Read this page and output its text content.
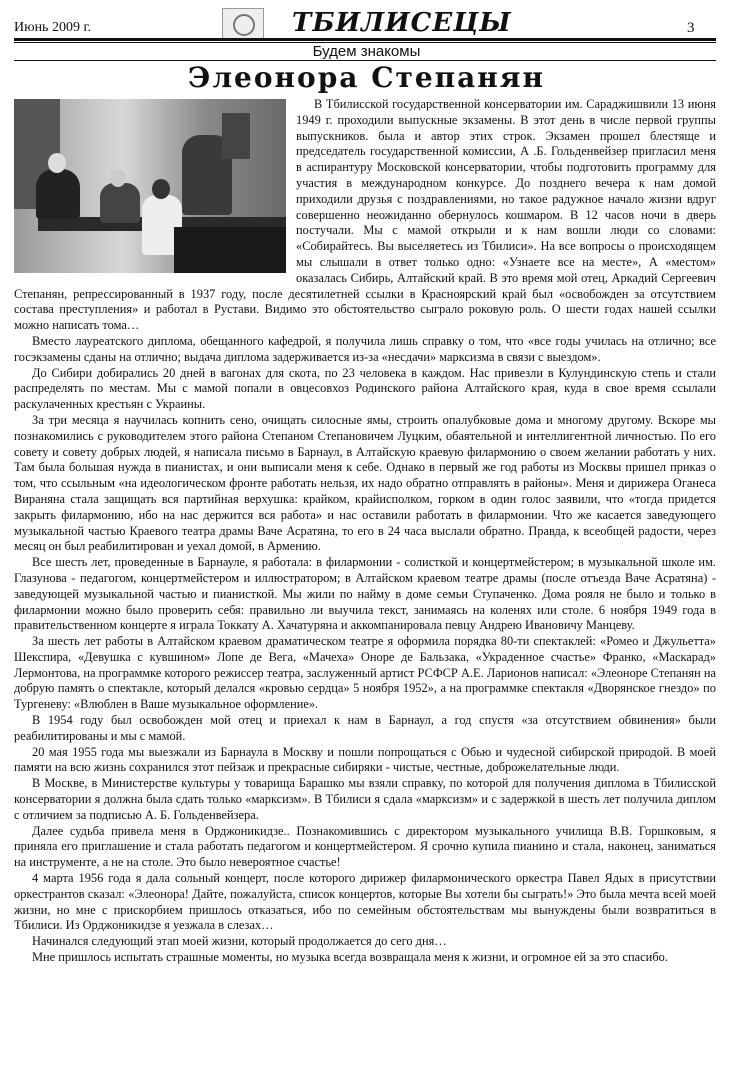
Июнь 2009 г.	ТБИЛИСЕЦЫ	3
Будем знакомы
Элеонора Степанян

В Тбилисской государственной консерватории им. Сараджишвили 13 июня 1949 г. проходили выпускные экзамены. В этот день в числе первой группы выпускников. была и автор этих строк. Экзамен прошел блестяще и председатель государственной комиссии, А .Б. Гольденвейзер пригласил меня в аспирантуру Московской консерватории, чтобы подготовить программу для участия в международном конкурсе. До позднего вечера к нам домой приходили друзья с поздравлениями, но такое радужное начало жизни вдруг совершенно неожиданно обернулось кошмаром. В 12 часов ночи в дверь постучали. Мы с мамой открыли и к нам вошли люди со словами: «Собирайтесь. Вы выселяетесь из Тбилиси». На все вопросы о происходящем мы слышали в ответ только одно: «Узнаете все на месте», А «местом» оказалась Сибирь, Алтайский край. В это время мой отец, Аркадий Сергеевич Степанян, репрессированный в 1937 году, после десятилетней ссылки в Красноярский край был «освобожден за отсутствием состава преступления» и работал в Рустави. Видимо это обстоятельство сыграло роковую роль. О шести годах нашей ссылки можно написать тома…

Вместо лауреатского диплома, обещанного кафедрой, я получила лишь справку о том, что «все годы училась на отлично; все госэкзамены сданы на отлично; выдача диплома задерживается из-за «несдачи» марксизма в связи с выездом».

До Сибири добирались 20 дней в вагонах для скота, по 23 человека в каждом. Нас привезли в Кулундинскую степь и стали распределять по местам. Мы с мамой попали в овцесовхоз Родинского района Алтайского края, куда в свое время ссылали раскулаченных крестьян с Украины.

За три месяца я научилась копнить сено, очищать силосные ямы, строить опалубковые дома и многому другому. Вскоре мы познакомились с руководителем этого района Степаном Степановичем Луцким, обаятельной и интеллигентной личностью. По его совету и совету добрых людей, я написала письмо в Барнаул, в Алтайскую краевую филармонию о своем желании работать у них. Там была большая нужда в пианистах, и они выписали меня к себе. Однако в первый же год работы из Москвы пришел приказ о том, что ссыльным «на идеологическом фронте работать нельзя, их надо обратно отправлять в районы». Меня и дирижера Оганеса Вираняна стала защищать вся партийная верхушка: крайком, крайисполком, горком в один голос заявили, что «тогда придется закрыть филармонию, ибо на нас держится вся работа» и нас оставили работать в филармонии. Что же касается заведующего музыкальной частью Краевого театра драмы Ваче Асратяна, то его в 24 часа выслали обратно. Правда, к всеобщей радости, через месяц он был реабилитирован и уехал домой, в Армению.

Все шесть лет, проведенные в Барнауле, я работала: в филармонии - солисткой и концертмейстером; в музыкальной школе им. Глазунова - педагогом, концертмейстером и иллюстратором; в Алтайском краевом театре драмы (после отъезда Ваче Асратяна) - заведующей музыкальной частью и пианисткой. Мы жили по найму в доме семьи Ступаченко. Дома рояля не было и только в филармонии можно было проверить себя: правильно ли выучила текст, занимаясь на коленях или столе. 6 ноября 1949 года в правительственном концерте я играла Токкату А. Хачатуряна и аккомпанировала певцу Андрею Ивановичу Манцеву.

За шесть лет работы в Алтайском краевом драматическом театре я оформила порядка 80-ти спектаклей: «Ромео и Джульетта» Шекспира, «Девушка с кувшином» Лопе де Вега, «Мачеха» Оноре де Бальзака, «Украденное счастье» Франко, «Маскарад» Лермонтова, на программке которого режиссер театра, заслуженный артист РСФСР А.Е. Ларионов написал: «Элеоноре Степанян на добрую память о спектакле, который делался «кровью сердца» 5 ноября 1952», а на программке спектакля «Дворянское гнездо» по Тургеневу: «Влюблен в Ваше музыкальное оформление».

В 1954 году был освобожден мой отец и приехал к нам в Барнаул, а год спустя «за отсутствием обвинения» были реабилитированы и мы с мамой.

20 мая 1955 года мы выезжали из Барнаула в Москву и пошли попрощаться с Обью и чудесной сибирской природой. В моей памяти на всю жизнь сохранился этот пейзаж и прекрасные сибиряки - чистые, честные, доброжелательные люди.

В Москве, в Министерстве культуры у товарища Барашко мы взяли справку, по которой для получения диплома в Тбилисской консерватории я должна была сдать только «марксизм». В Тбилиси я сдала «марксизм» и с задержкой в шесть лет получила диплом с отличием за подписью А. Б. Гольденвейзера.

Далее судьба привела меня в Орджоникидзе.. Познакомившись с директором музыкального училища В.В. Горшковым, я приняла его приглашение и стала работать педагогом и концертмейстером. Я срочно купила пианино и стала, наконец, заниматься на инструменте, а не на столе. Это было невероятное счастье!

4 марта 1956 года я дала сольный концерт, после которого дирижер филармонического оркестра Павел Ядых в присутствии оркестрантов сказал: «Элеонора! Дайте, пожалуйста, список концертов, которые Вы хотели бы сыграть!» Это была мечта всей моей жизни, но мне с прискорбием пришлось отказаться, ибо по семейным обстоятельствам мы вынуждены были возвратиться в Тбилиси. Из Орджоникидзе я уезжала в слезах…

Начинался следующий этап моей жизни, который продолжается до сего дня…

Мне пришлось испытать страшные моменты, но музыка всегда возвращала меня к жизни, и огромное ей за это спасибо.
